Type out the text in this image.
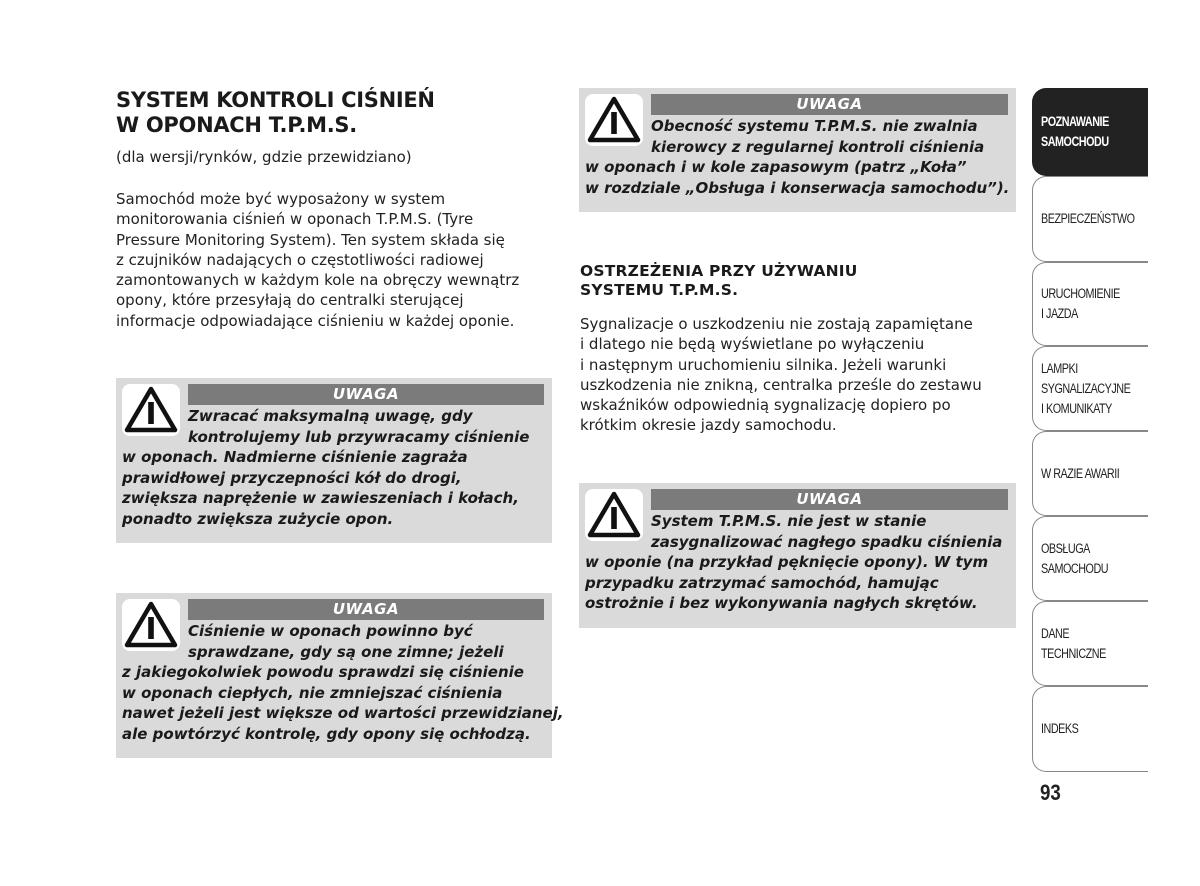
SYSTEM KONTROLI CIŚNIEŃ
W OPONACH T.P.M.S.
(dla wersji/rynków, gdzie przewidziano)
Samochód może być wyposażony w system
monitorowania ciśnień w oponach T.P.M.S. (Tyre
Pressure Monitoring System). Ten system składa się
z czujników nadających o częstotliwości radiowej
zamontowanych w każdym kole na obręczy wewnątrz
opony, które przesyłają do centralki sterującej
informacje odpowiadające ciśnieniu w każdej oponie.
UWAGA
Zwracać maksymalną uwagę, gdy
kontrolujemy lub przywracamy ciśnienie
w oponach. Nadmierne ciśnienie zagraża
prawidłowej przyczepności kół do drogi,
zwiększa naprężenie w zawieszeniach i kołach,
ponadto zwiększa zużycie opon.
UWAGA
Ciśnienie w oponach powinno być
sprawdzane, gdy są one zimne; jeżeli
z jakiegokolwiek powodu sprawdzi się ciśnienie
w oponach ciepłych, nie zmniejszać ciśnienia
nawet jeżeli jest większe od wartości przewidzianej,
ale powtórzyć kontrolę, gdy opony się ochłodzą.
UWAGA
Obecność systemu T.P.M.S. nie zwalnia
kierowcy z regularnej kontroli ciśnienia
w oponach i w kole zapasowym (patrz „Koła”
w rozdziale „Obsługa i konserwacja samochodu”).
OSTRZEŻENIA PRZY UŻYWANIU
SYSTEMU T.P.M.S.
Sygnalizacje o uszkodzeniu nie zostają zapamiętane
i dlatego nie będą wyświetlane po wyłączeniu
i następnym uruchomieniu silnika. Jeżeli warunki
uszkodzenia nie znikną, centralka prześle do zestawu
wskaźników odpowiednią sygnalizację dopiero po
krótkim okresie jazdy samochodu.
UWAGA
System T.P.M.S. nie jest w stanie
zasygnalizować nagłego spadku ciśnienia
w oponie (na przykład pęknięcie opony). W tym
przypadku zatrzymać samochód, hamując
ostrożnie i bez wykonywania nagłych skrętów.
POZNAWANIE
SAMOCHODU
BEZPIECZEŃSTWO
URUCHOMIENIE
I JAZDA
LAMPKI
SYGNALIZACYJNE
I KOMUNIKATY
W RAZIE AWARII
OBSŁUGA
SAMOCHODU
DANE
TECHNICZNE
INDEKS
93
